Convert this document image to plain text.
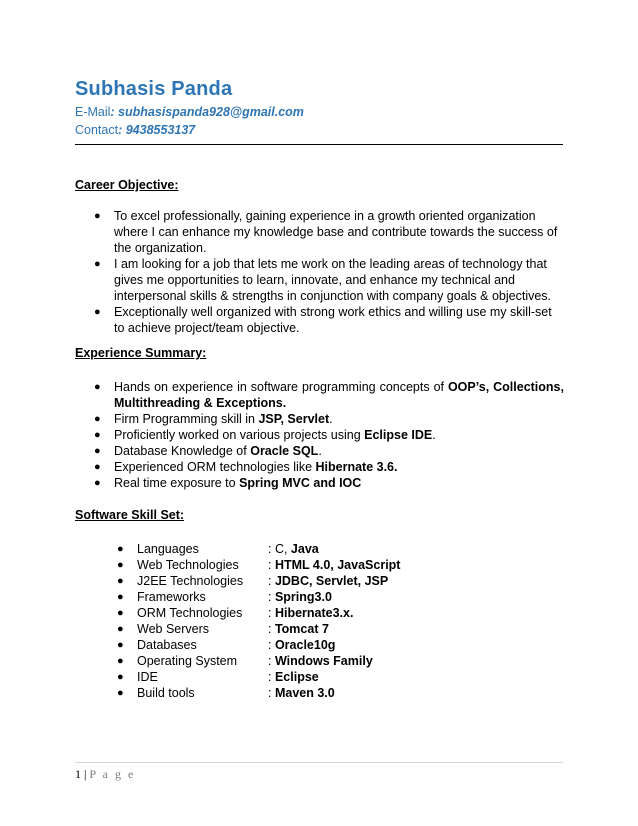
Subhasis Panda
E-Mail: subhasispanda928@gmail.com
Contact: 9438553137
Career Objective:
● To excel professionally, gaining experience in a growth oriented organization where I can enhance my knowledge base and contribute towards the success of the organization.
● I am looking for a job that lets me work on the leading areas of technology that gives me opportunities to learn, innovate, and enhance my technical and interpersonal skills & strengths in conjunction with company goals & objectives.
● Exceptionally well organized with strong work ethics and willing use my skill-set to achieve project/team objective.
Experience Summary:
● Hands on experience in software programming concepts of OOP’s, Collections, Multithreading & Exceptions.
● Firm Programming skill in JSP, Servlet.
● Proficiently worked on various projects using Eclipse IDE.
● Database Knowledge of Oracle SQL.
● Experienced ORM technologies like Hibernate 3.6.
● Real time exposure to Spring MVC and IOC
Software Skill Set:
● Languages	: C, Java
● Web Technologies : HTML 4.0, JavaScript
● J2EE Technologies : JDBC, Servlet, JSP
● Frameworks	: Spring3.0
● ORM Technologies : Hibernate3.x.
● Web Servers	: Tomcat 7
● Databases	: Oracle10g
● Operating System : Windows Family
● IDE	: Eclipse
● Build tools	: Maven 3.0
1 | P a g e
